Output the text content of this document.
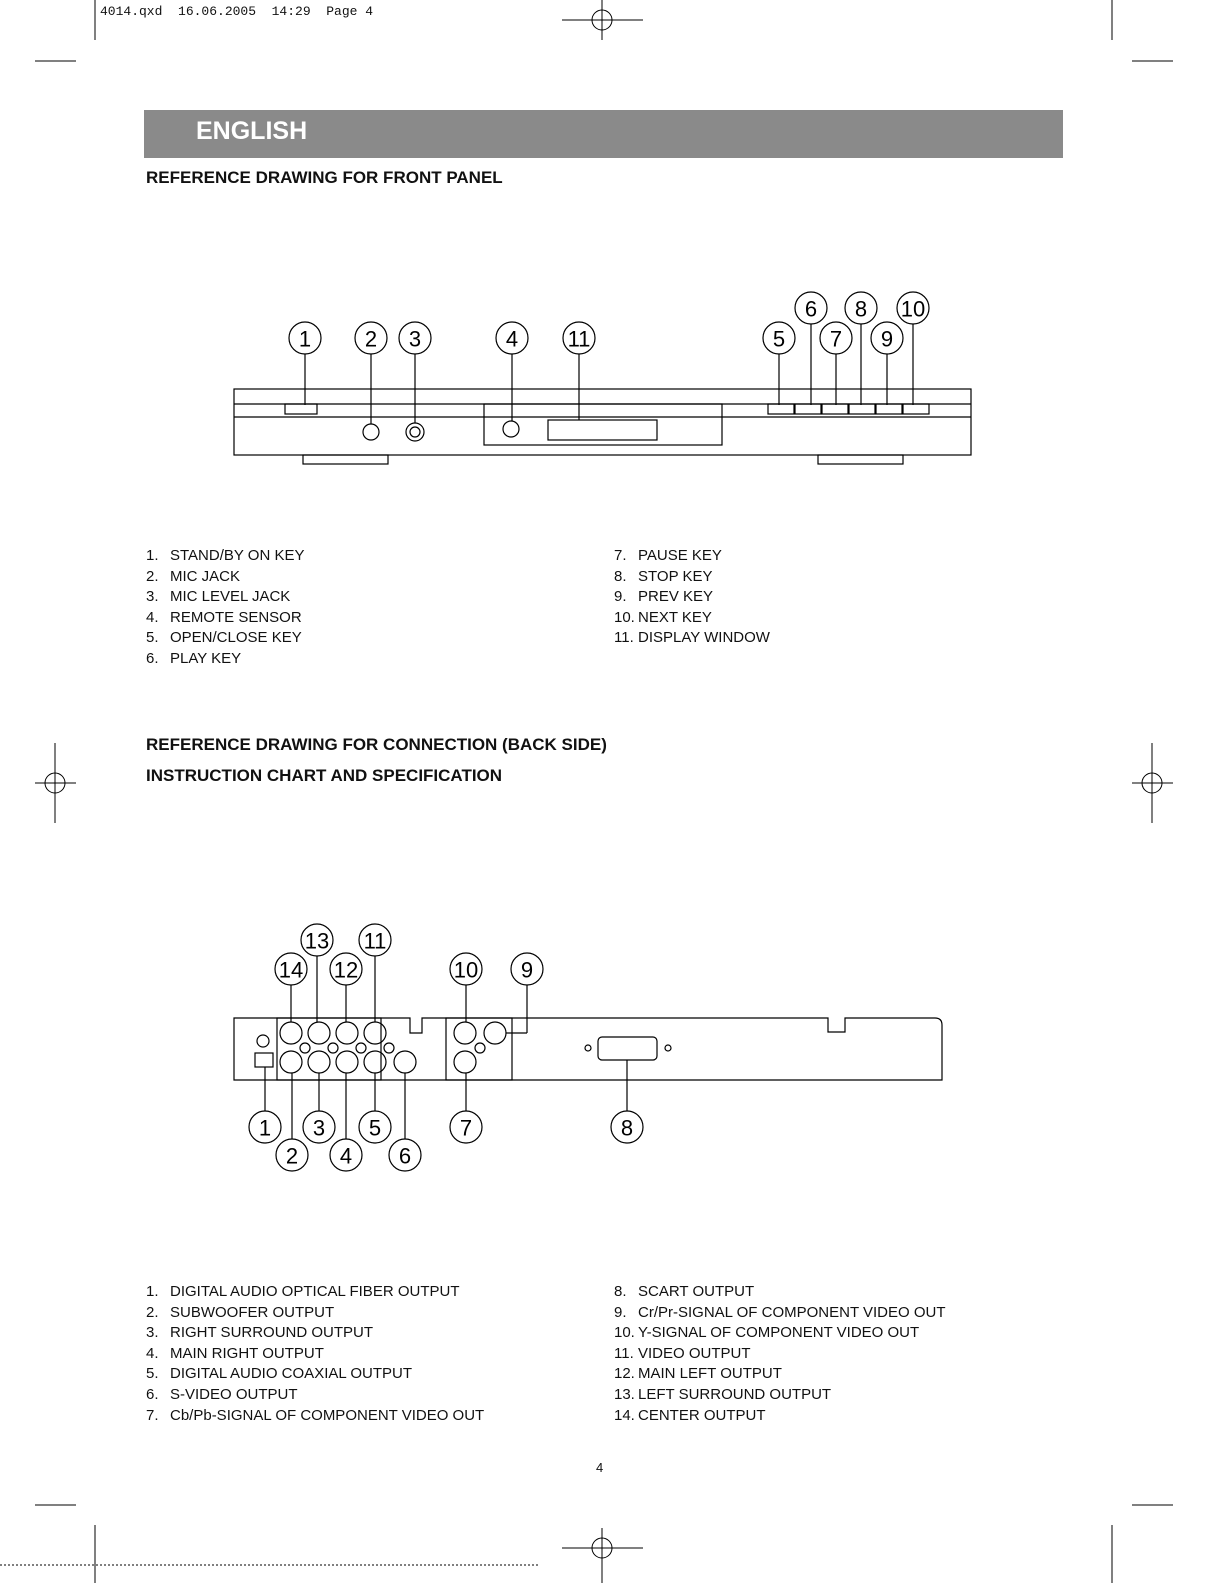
4014.qxd  16.06.2005  14:29  Page 4
1 2 3	4 11	5
6
7
8
9
10
13 11
14 12	10 9
1 3 5	7	8
2 4 6
ENGLISH
REFERENCE DRAWING FOR FRONT PANEL
1. STAND/BY ON KEY
2. MIC JACK
3. MIC LEVEL JACK
4. REMOTE SENSOR
5. OPEN/CLOSE KEY
6. PLAY KEY
7. PAUSE KEY
8. STOP KEY
9. PREV KEY
10. NEXT KEY
11. DISPLAY WINDOW
REFERENCE DRAWING FOR CONNECTION (BACK SIDE)
INSTRUCTION CHART AND SPECIFICATION
1. DIGITAL AUDIO OPTICAL FIBER OUTPUT
2. SUBWOOFER OUTPUT
3. RIGHT SURROUND OUTPUT
4. MAIN RIGHT OUTPUT
5. DIGITAL AUDIO COAXIAL OUTPUT
6. S-VIDEO OUTPUT
7. Cb/Pb-SIGNAL OF COMPONENT VIDEO OUT
8. SCART OUTPUT
9. Cr/Pr-SIGNAL OF COMPONENT VIDEO OUT
10. Y-SIGNAL OF COMPONENT VIDEO OUT
11. VIDEO OUTPUT
12. MAIN LEFT OUTPUT
13. LEFT SURROUND OUTPUT
14. CENTER OUTPUT
4
